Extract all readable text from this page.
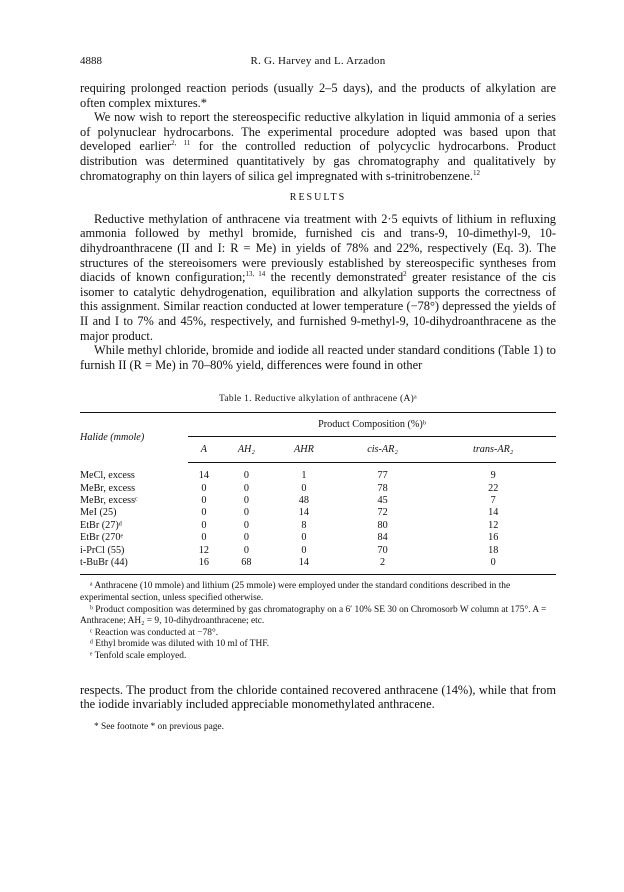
4888	R. G. Harvey and L. Arzadon

requiring prolonged reaction periods (usually 2–5 days), and the products of alkylation are often complex mixtures.*

We now wish to report the stereospecific reductive alkylation in liquid ammonia of a series of polynuclear hydrocarbons. The experimental procedure adopted was based upon that developed earlier$^{2, 11}$ for the controlled reduction of polycyclic hydrocarbons. Product distribution was determined quantitatively by gas chromatography and qualitatively by chromatography on thin layers of silica gel impregnated with s-trinitrobenzene.$^{12}$

RESULTS

Reductive methylation of anthracene via treatment with 2·5 equivts of lithium in refluxing ammonia followed by methyl bromide, furnished cis and trans-9, 10-dimethyl-9, 10-dihydroanthracene (II and I: R = Me) in yields of 78% and 22%, respectively (Eq. 3). The structures of the stereoisomers were previously established by stereospecific syntheses from diacids of known configuration;$^{13, 14}$ the recently demonstrated$^2$ greater resistance of the cis isomer to catalytic dehydrogenation, equilibration and alkylation supports the correctness of this assignment. Similar reaction conducted at lower temperature (−78°) depressed the yields of II and I to 7% and 45%, respectively, and furnished 9-methyl-9, 10-dihydroanthracene as the major product.

While methyl chloride, bromide and iodide all reacted under standard conditions (Table 1) to furnish II (R = Me) in 70–80% yield, differences were found in other

Table 1. Reductive alkylation of anthracene (A)ᵃ
Halide (mmole)	Product Composition (%)ᵇ				
	A	AH₂	AHR	cis-AR₂	trans-AR₂
MeCl, excess	14	0	1	77	9
MeBr, excess	0	0	0	78	22
MeBr, excessᶜ	0	0	48	45	7
MeI (25)	0	0	14	72	14
EtBr (27)ᵈ	0	0	8	80	12
EtBr (270ᵉ	0	0	0	84	16
i-PrCl (55)	12	0	0	70	18
t-BuBr (44)	16	68	14	2	0

ᵃ Anthracene (10 mmole) and lithium (25 mmole) were employed under the standard conditions described in the experimental section, unless specified otherwise.

ᵇ Product composition was determined by gas chromatography on a 6′ 10% SE 30 on Chromosorb W column at 175°. A = Anthracene; AH₂ = 9, 10-dihydroanthracene; etc.

ᶜ Reaction was conducted at −78°.

ᵈ Ethyl bromide was diluted with 10 ml of THF.

ᵉ Tenfold scale employed.

respects. The product from the chloride contained recovered anthracene (14%), while that from the iodide invariably included appreciable monomethylated anthracene.

* See footnote * on previous page.
